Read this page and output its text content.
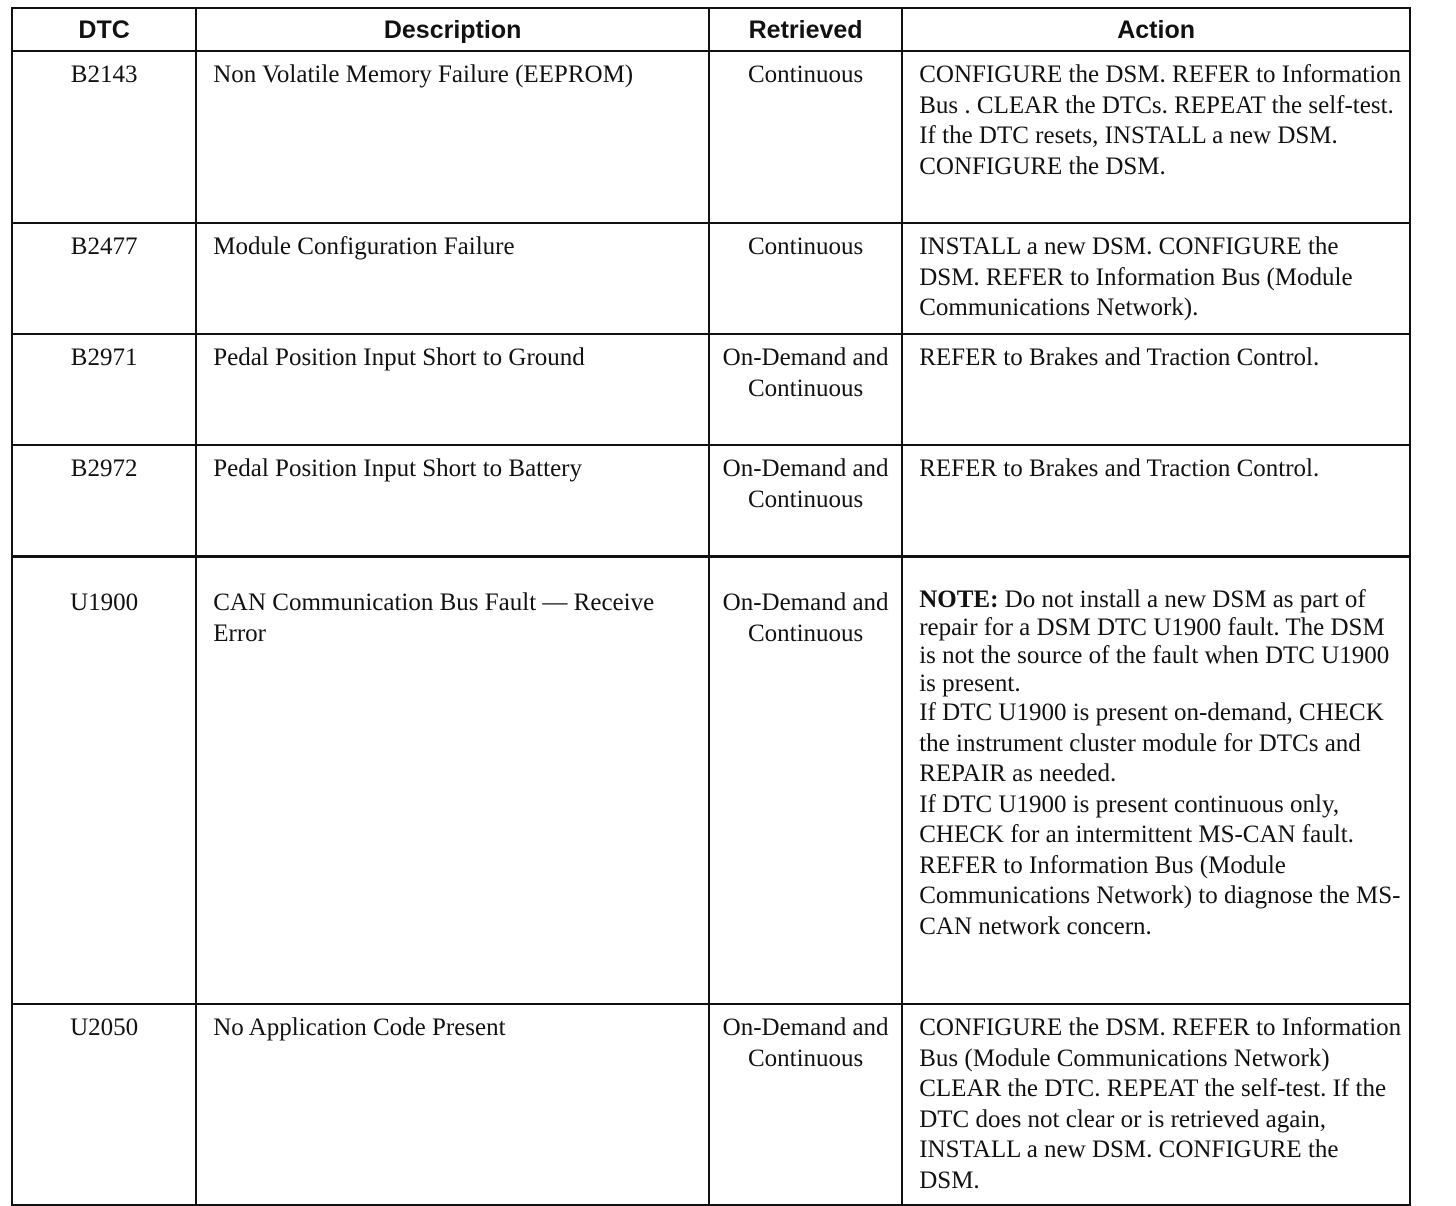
DTC	Description	Retrieved	Action
B2143	Non Volatile Memory Failure (EEPROM)	Continuous	CONFIGURE the DSM. REFER to Information Bus . CLEAR the DTCs. REPEAT the self-test. If the DTC resets, INSTALL a new DSM. CONFIGURE the DSM.
B2477	Module Configuration Failure	Continuous	INSTALL a new DSM. CONFIGURE the DSM. REFER to Information Bus (Module Communications Network).
B2971	Pedal Position Input Short to Ground	On-Demand and Continuous	REFER to Brakes and Traction Control.
B2972	Pedal Position Input Short to Battery	On-Demand and Continuous	REFER to Brakes and Traction Control.
U1900	CAN Communication Bus Fault — Receive Error	On-Demand and Continuous	NOTE: Do not install a new DSM as part of repair for a DSM DTC U1900 fault. The DSM is not the source of the fault when DTC U1900 is present.
If DTC U1900 is present on-demand, CHECK the instrument cluster module for DTCs and REPAIR as needed.
If DTC U1900 is present continuous only, CHECK for an intermittent MS-CAN fault. REFER to Information Bus (Module Communications Network) to diagnose the MS-CAN network concern.

U2050	No Application Code Present	On-Demand and Continuous	CONFIGURE the DSM. REFER to Information Bus (Module Communications Network) CLEAR the DTC. REPEAT the self-test. If the DTC does not clear or is retrieved again, INSTALL a new DSM. CONFIGURE the DSM.
